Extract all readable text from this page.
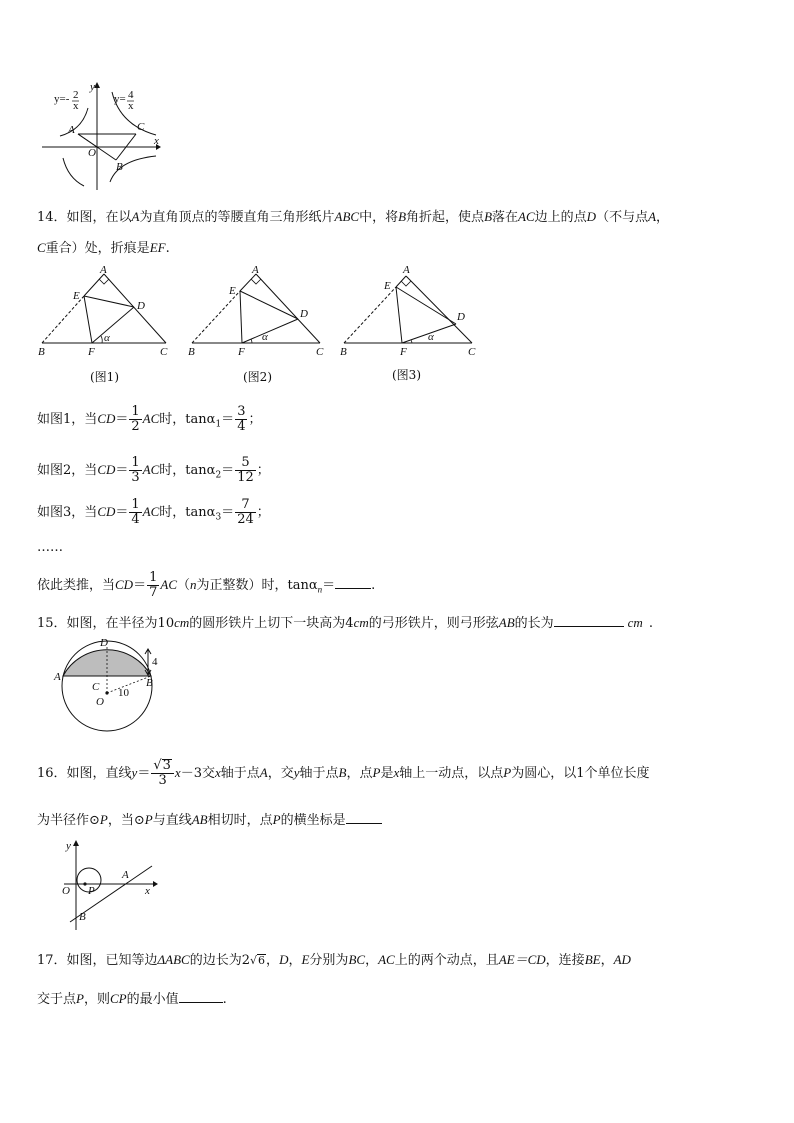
y=- 2
x
y= 4
x
x
y
A	C
B
O
14．如图，在以A为直角顶点的等腰直角三角形纸片ABC中，将B角折起，使点B落在AC边上的点D（不与点A，
C重合）处，折痕是EF.
A
E
D
B	F	C
α
(图1)
A
E
D
B	F	C
α
(图2)
A
E
D
B	F	C
α
(图3)
如图1，当$CD= \frac{1}{2}$ AC时，$\tan\alpha_1= \frac{3}{4}$ ；
如图2，当$CD= \frac{1}{3}$ AC时，$\tan\alpha_2= \frac{5}{12}$ ；
如图3，当$CD= \frac{1}{4}$ AC时，$\tan\alpha_3= \frac{7}{24}$ ；
……
依此类推，当$CD= \frac{1}{7} AC(n$为正整数）时，tanα$_n$＝	.
15．如图，在半径为10cm的圆形铁片上切下一块高为4cm的弓形铁片，则弓形弦AB的长为	cm .
D
A	B
C
O
4
10
16．如图，直线$y= \frac{√3}{3} x-3$交x轴于点A，交y轴于点B，点P是x轴上一动点，以点P为圆心，以1个单位长度
为半径作⊙P，当⊙P与直线AB相切时，点P的横坐标是
y
x
O P
A
B
17．如图，已知等边ΔABC的边长为2√6，D，E分别为BC，AC上的两个动点，且AE＝CD，连接BE，AD
交于点P，则CP的最小值	.
